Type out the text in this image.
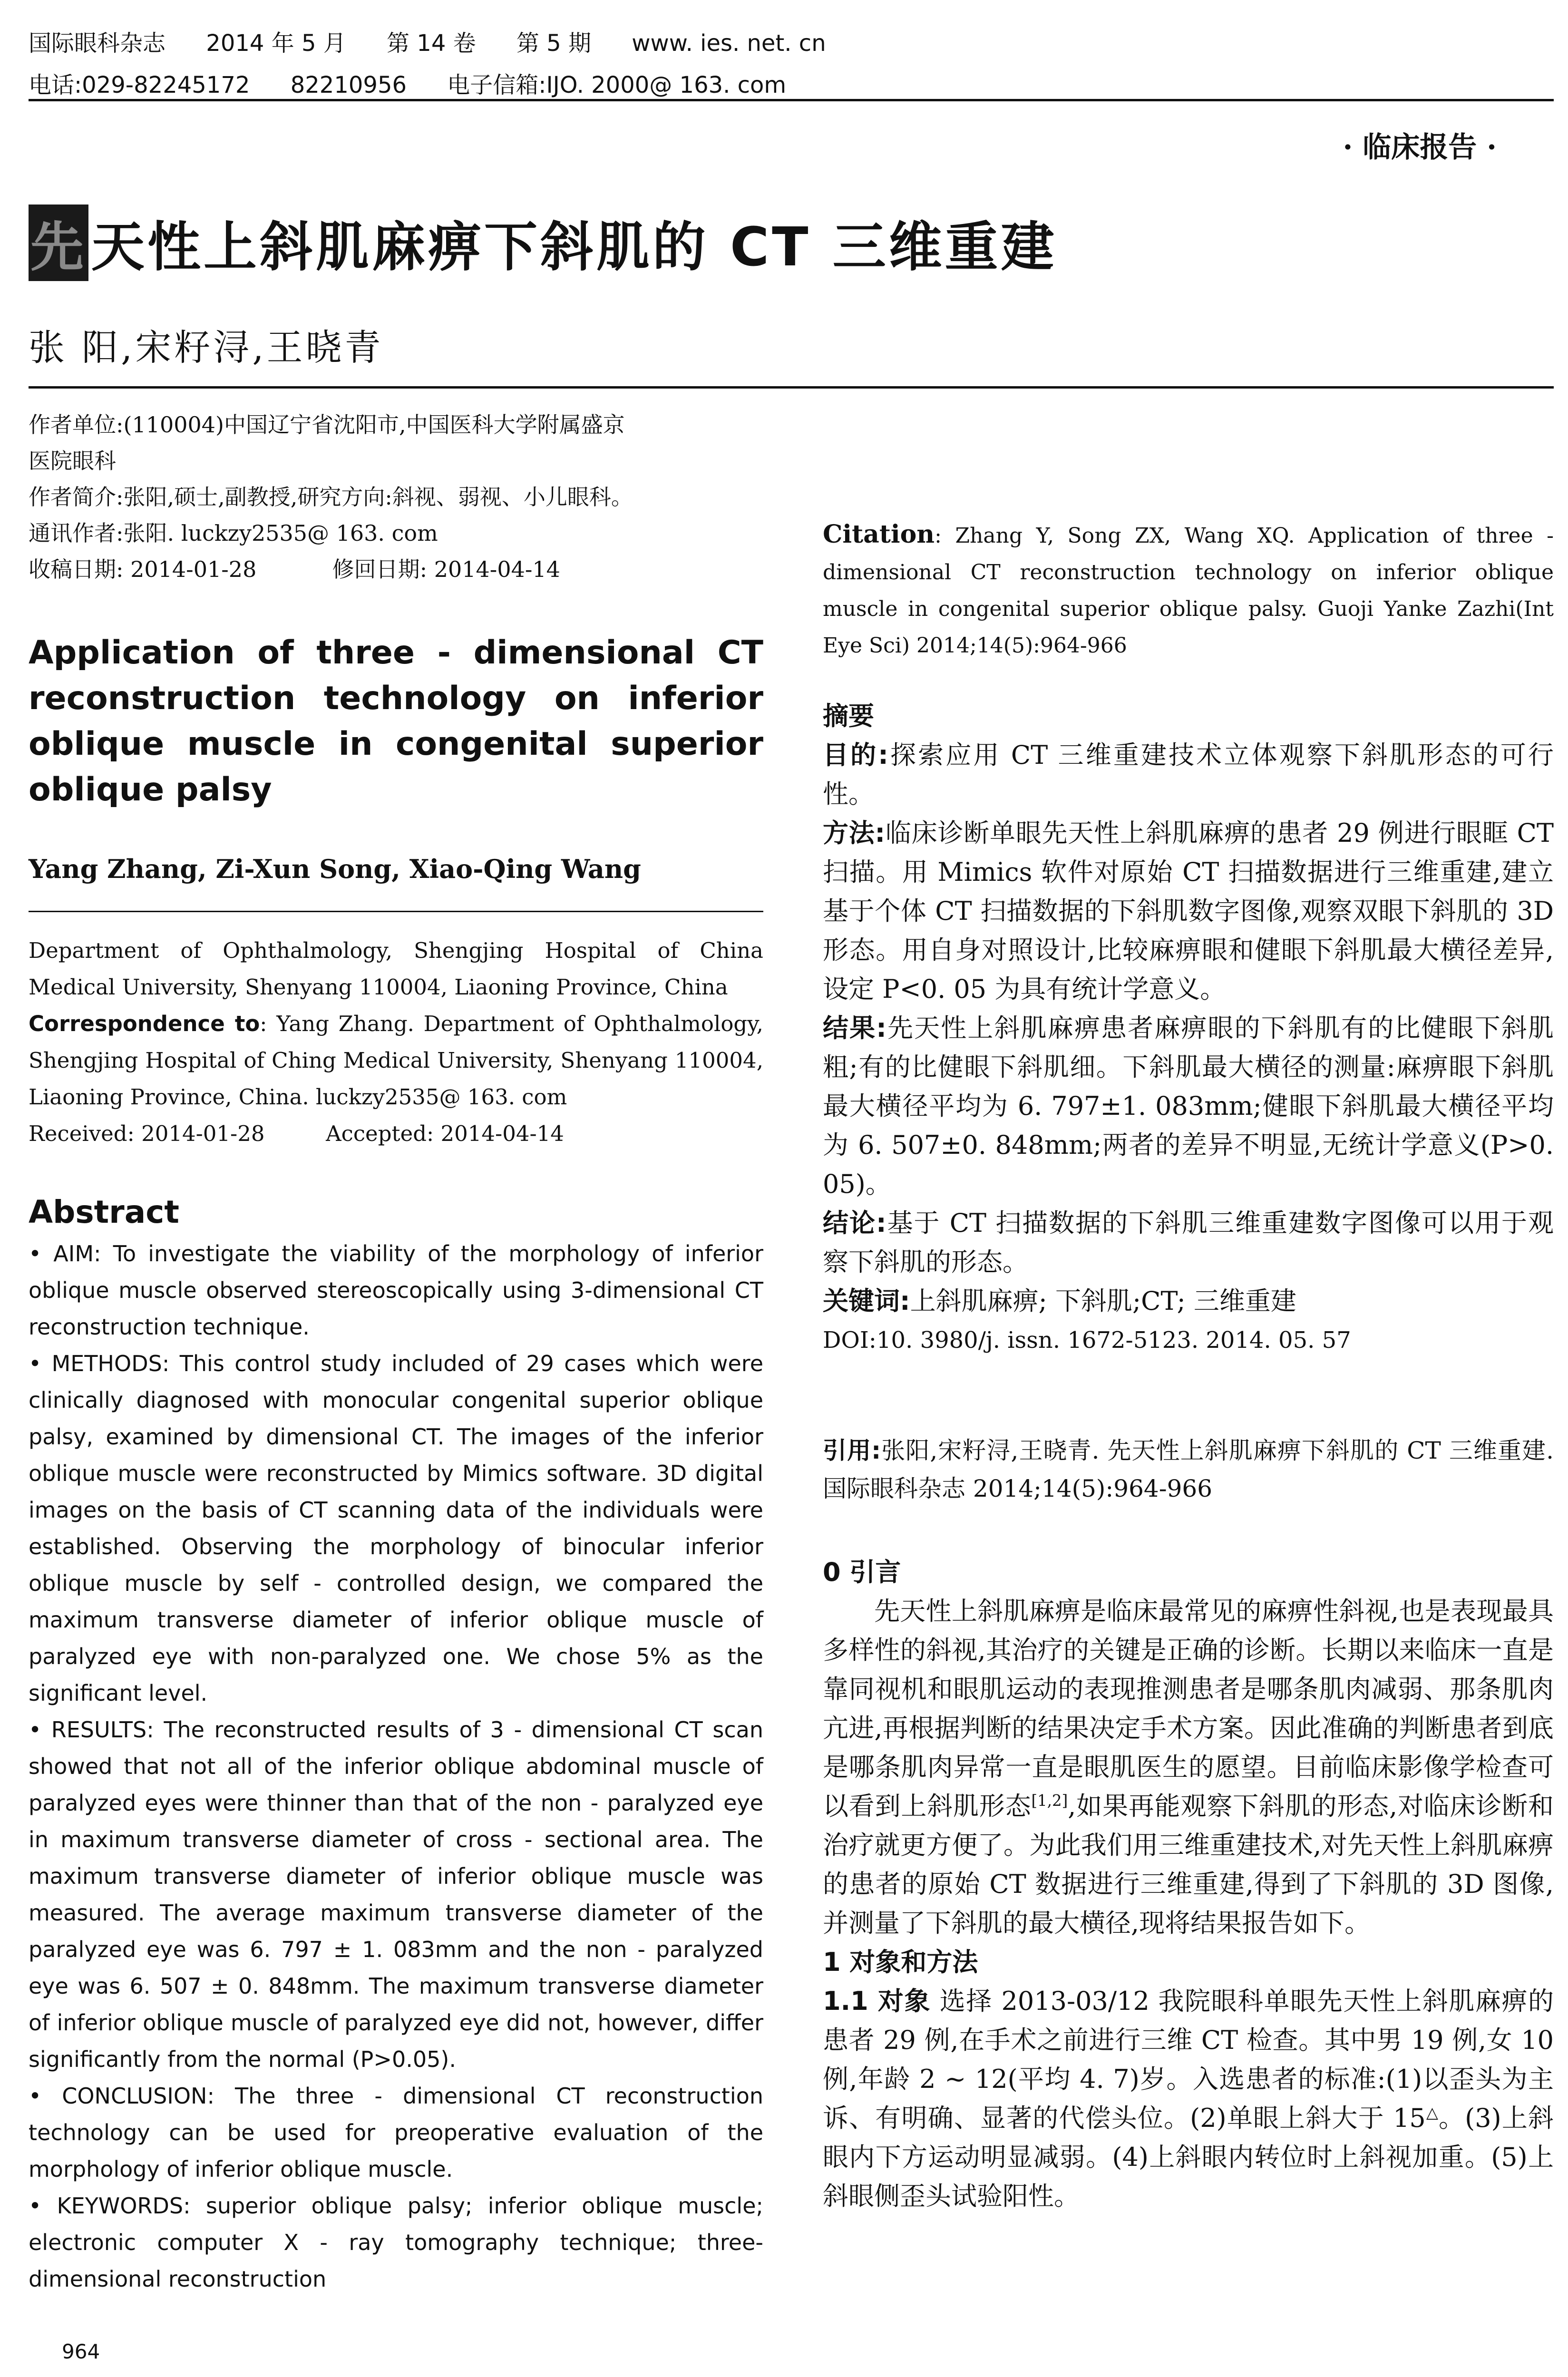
国际眼科杂志 2014 年 5 月 第 14 卷 第 5 期 www. ies. net. cn
电话:029-82245172 82210956 电子信箱:IJO. 2000@ 163. com
· 临床报告 ·
先天性上斜肌麻痹下斜肌的 CT 三维重建
张 阳,宋籽浔,王晓青
作者单位:(110004)中国辽宁省沈阳市,中国医科大学附属盛京
医院眼科
作者简介:张阳,硕士,副教授,研究方向:斜视、弱视、小儿眼科。
通讯作者:张阳. luckzy2535@ 163. com
收稿日期: 2014-01-28	修回日期: 2014-04-14
Application of three - dimensional CT reconstruction technology on inferior oblique muscle in congenital superior oblique palsy
Yang Zhang, Zi-Xun Song, Xiao-Qing Wang
Department of Ophthalmology, Shengjing Hospital of China Medical University, Shenyang 110004, Liaoning Province, China
Correspondence to: Yang Zhang. Department of Ophthalmology, Shengjing Hospital of Ching Medical University, Shenyang 110004, Liaoning Province, China. luckzy2535@ 163. com
Received: 2014-01-28	Accepted: 2014-04-14
Abstract

• AIM: To investigate the viability of the morphology of inferior oblique muscle observed stereoscopically using 3-dimensional CT reconstruction technique.

• METHODS: This control study included of 29 cases which were clinically diagnosed with monocular congenital superior oblique palsy, examined by dimensional CT. The images of the inferior oblique muscle were reconstructed by Mimics software. 3D digital images on the basis of CT scanning data of the individuals were established. Observing the morphology of binocular inferior oblique muscle by self - controlled design, we compared the maximum transverse diameter of inferior oblique muscle of paralyzed eye with non-paralyzed one. We chose 5% as the significant level.

• RESULTS: The reconstructed results of 3 - dimensional CT scan showed that not all of the inferior oblique abdominal muscle of paralyzed eyes were thinner than that of the non - paralyzed eye in maximum transverse diameter of cross - sectional area. The maximum transverse diameter of inferior oblique muscle was measured. The average maximum transverse diameter of the paralyzed eye was 6. 797 ± 1. 083mm and the non - paralyzed eye was 6. 507 ± 0. 848mm. The maximum transverse diameter of inferior oblique muscle of paralyzed eye did not, however, differ significantly from the normal (P>0.05).

• CONCLUSION: The three - dimensional CT reconstruction technology can be used for preoperative evaluation of the morphology of inferior oblique muscle.

• KEYWORDS: superior oblique palsy; inferior oblique muscle; electronic computer X - ray tomography technique; three-dimensional reconstruction

964
Citation: Zhang Y, Song ZX, Wang XQ. Application of three - dimensional CT reconstruction technology on inferior oblique muscle in congenital superior oblique palsy. Guoji Yanke Zazhi(Int Eye Sci) 2014;14(5):964-966
摘要

目的:探索应用 CT 三维重建技术立体观察下斜肌形态的可行性。

方法:临床诊断单眼先天性上斜肌麻痹的患者 29 例进行眼眶 CT 扫描。用 Mimics 软件对原始 CT 扫描数据进行三维重建,建立基于个体 CT 扫描数据的下斜肌数字图像,观察双眼下斜肌的 3D 形态。用自身对照设计,比较麻痹眼和健眼下斜肌最大横径差异,设定 P<0. 05 为具有统计学意义。

结果:先天性上斜肌麻痹患者麻痹眼的下斜肌有的比健眼下斜肌粗;有的比健眼下斜肌细。下斜肌最大横径的测量:麻痹眼下斜肌最大横径平均为 6. 797±1. 083mm;健眼下斜肌最大横径平均为 6. 507±0. 848mm;两者的差异不明显,无统计学意义(P>0. 05)。

结论:基于 CT 扫描数据的下斜肌三维重建数字图像可以用于观察下斜肌的形态。

关键词:上斜肌麻痹; 下斜肌;CT; 三维重建

DOI:10. 3980/j. issn. 1672-5123. 2014. 05. 57

引用:张阳,宋籽浔,王晓青. 先天性上斜肌麻痹下斜肌的 CT 三维重建. 国际眼科杂志 2014;14(5):964-966
0 引言

先天性上斜肌麻痹是临床最常见的麻痹性斜视,也是表现最具多样性的斜视,其治疗的关键是正确的诊断。长期以来临床一直是靠同视机和眼肌运动的表现推测患者是哪条肌肉减弱、那条肌肉亢进,再根据判断的结果决定手术方案。因此准确的判断患者到底是哪条肌肉异常一直是眼肌医生的愿望。目前临床影像学检查可以看到上斜肌形态[1,2],如果再能观察下斜肌的形态,对临床诊断和治疗就更方便了。为此我们用三维重建技术,对先天性上斜肌麻痹的患者的原始 CT 数据进行三维重建,得到了下斜肌的 3D 图像,并测量了下斜肌的最大横径,现将结果报告如下。

1 对象和方法

1.1 对象 选择 2013-03/12 我院眼科单眼先天性上斜肌麻痹的患者 29 例,在手术之前进行三维 CT 检查。其中男 19 例,女 10 例,年龄 2 ~ 12(平均 4. 7)岁。入选患者的标准:(1)以歪头为主诉、有明确、显著的代偿头位。(2)单眼上斜大于 15△。(3)上斜眼内下方运动明显减弱。(4)上斜眼内转位时上斜视加重。(5)上斜眼侧歪头试验阳性。
